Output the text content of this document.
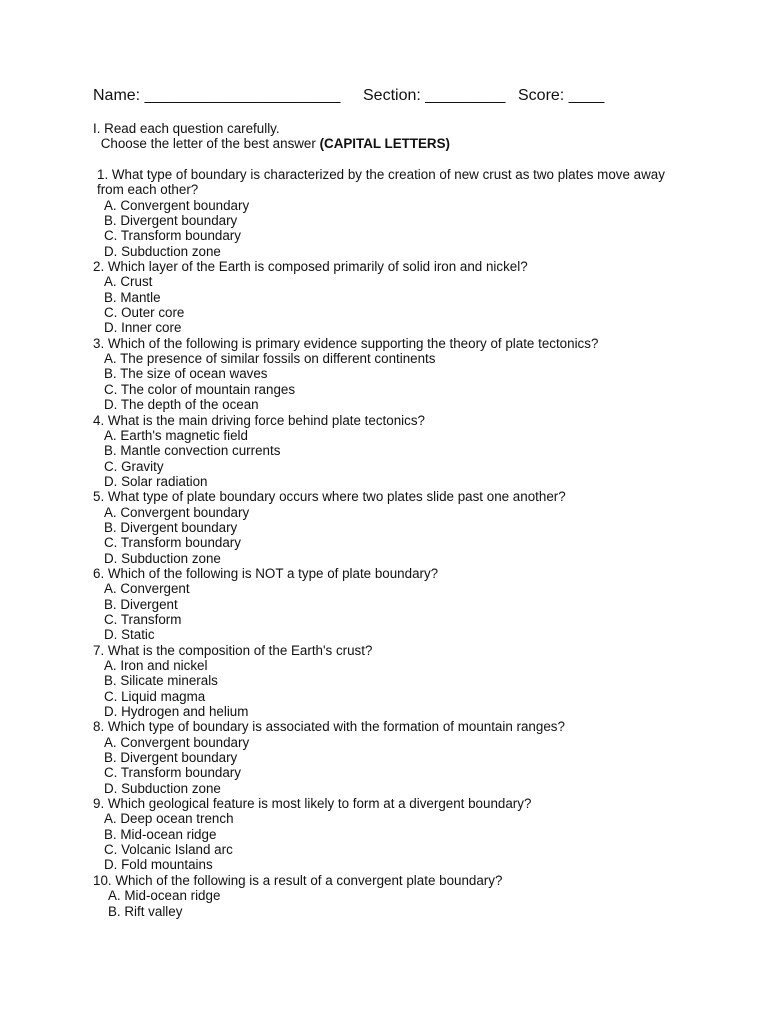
Name: ______________________ Section: _________ Score: ____
I. Read each question carefully.
Choose the letter of the best answer (CAPITAL LETTERS)
1. What type of boundary is characterized by the creation of new crust as two plates move away from each other?
A. Convergent boundary
B. Divergent boundary
C. Transform boundary
D. Subduction zone
2. Which layer of the Earth is composed primarily of solid iron and nickel?
A. Crust
B. Mantle
C. Outer core
D. Inner core
3. Which of the following is primary evidence supporting the theory of plate tectonics?
A. The presence of similar fossils on different continents
B. The size of ocean waves
C. The color of mountain ranges
D. The depth of the ocean
4. What is the main driving force behind plate tectonics?
A. Earth's magnetic field
B. Mantle convection currents
C. Gravity
D. Solar radiation
5. What type of plate boundary occurs where two plates slide past one another?
A. Convergent boundary
B. Divergent boundary
C. Transform boundary
D. Subduction zone
6. Which of the following is NOT a type of plate boundary?
A. Convergent
B. Divergent
C. Transform
D. Static
7. What is the composition of the Earth's crust?
A. Iron and nickel
B. Silicate minerals
C. Liquid magma
D. Hydrogen and helium
8. Which type of boundary is associated with the formation of mountain ranges?
A. Convergent boundary
B. Divergent boundary
C. Transform boundary
D. Subduction zone
9. Which geological feature is most likely to form at a divergent boundary?
A. Deep ocean trench
B. Mid-ocean ridge
C. Volcanic Island arc
D. Fold mountains
10. Which of the following is a result of a convergent plate boundary?
A. Mid-ocean ridge
B. Rift valley
